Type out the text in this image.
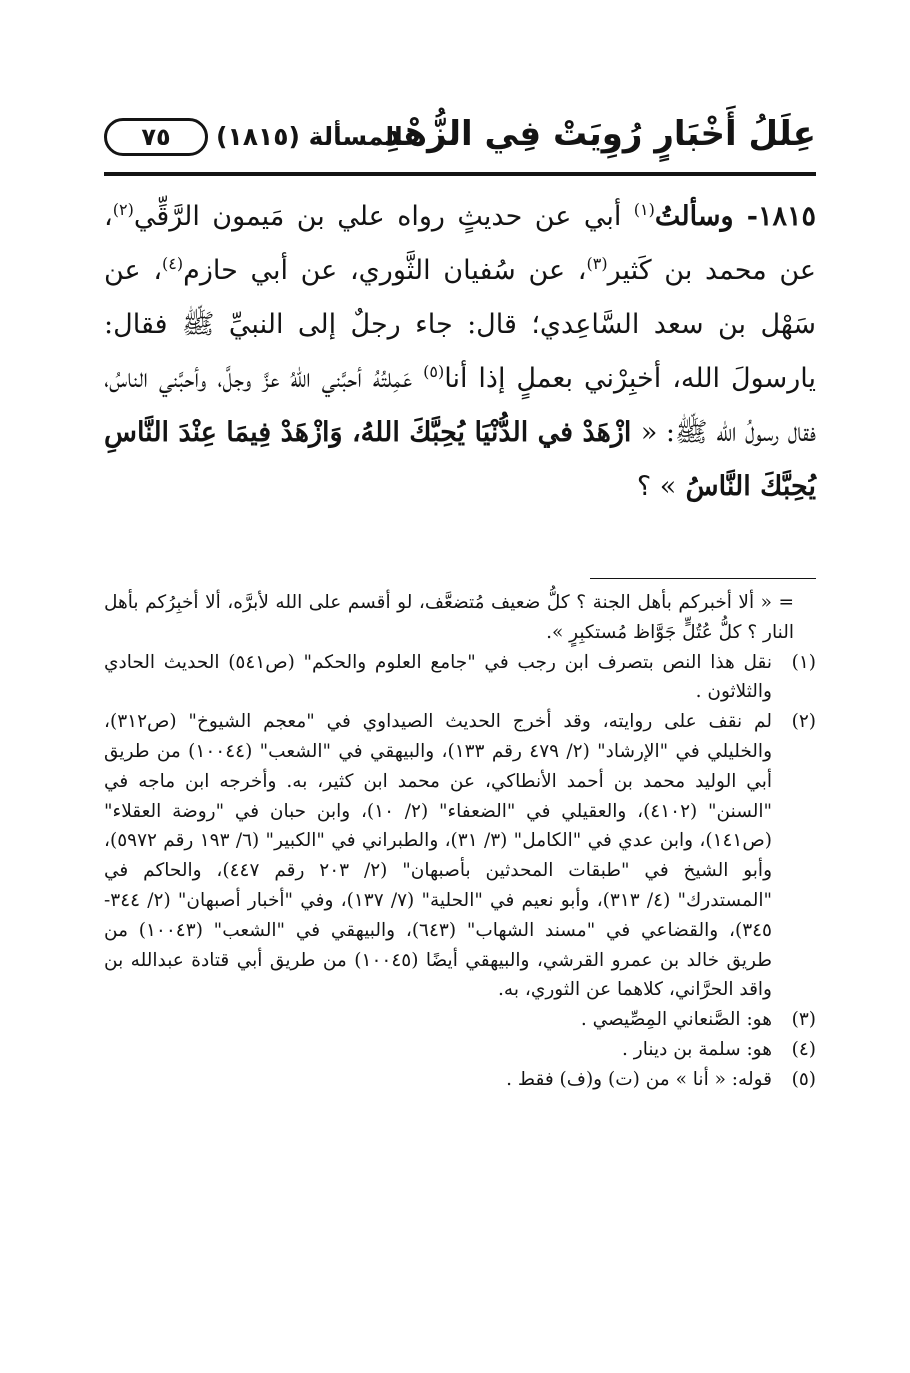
عِلَلُ أَخْبَارٍ رُوِيَتْ فِي الزُّهْدِ
المسألة (١٨١٥)
٧٥

١٨١٥- وسألتُ$^{(١)}$ أبي عن حديثٍ رواه علي بن مَيمون الرَّقِّي$^{(٢)}$، عن محمد بن كَثير$^{(٣)}$، عن سُفيان الثَّوري، عن أبي حازم$^{(٤)}$، عن سَهْل بن سعد السَّاعِدي؛ قال: جاء رجلٌ إلى النبيِّ ﷺ فقال: يارسولَ الله، أخبِرْني بعملٍ إذا أنا$^{(٥)}$ عَمِلتُهُ أحبَّني اللهُ عزَّ وجلَّ، وأحبَّني الناسُ، فقال رسولُ الله ﷺ: « ازْهَدْ في الدُّنْيَا يُحِبَّكَ اللهُ، وَازْهَدْ فِيمَا عِنْدَ النَّاسِ يُحِبَّكَ النَّاسُ » ؟

= « ألا أخبركم بأهل الجنة ؟ كلُّ ضعيف مُتضعَّف، لو أقسم على الله لأبرَّه، ألا أخبِرُكم بأهل النار ؟ كلُّ عُتُلٍّ جَوَّاظ مُستكبِرٍ ».
(١)
نقل هذا النص بتصرف ابن رجب في "جامع العلوم والحكم" (ص٥٤١) الحديث الحادي والثلاثون .
(٢)
لم نقف على روايته، وقد أخرج الحديث الصيداوي في "معجم الشيوخ" (ص٣١٢)، والخليلي في "الإرشاد" (٢/ ٤٧٩ رقم ١٣٣)، والبيهقي في "الشعب" (١٠٠٤٤) من طريق أبي الوليد محمد بن أحمد الأنطاكي، عن محمد ابن كثير، به. وأخرجه ابن ماجه في "السنن" (٤١٠٢)، والعقيلي في "الضعفاء" (٢/ ١٠)، وابن حبان في "روضة العقلاء" (ص١٤١)، وابن عدي في "الكامل" (٣/ ٣١)، والطبراني في "الكبير" (٦/ ١٩٣ رقم ٥٩٧٢)، وأبو الشيخ في "طبقات المحدثين بأصبهان" (٢/ ٢٠٣ رقم ٤٤٧)، والحاكم في "المستدرك" (٤/ ٣١٣)، وأبو نعيم في "الحلية" (٧/ ١٣٧)، وفي "أخبار أصبهان" (٢/ ٣٤٤- ٣٤٥)، والقضاعي في "مسند الشهاب" (٦٤٣)، والبيهقي في "الشعب" (١٠٠٤٣) من طريق خالد بن عمرو القرشي، والبيهقي أيضًا (١٠٠٤٥) من طريق أبي قتادة عبدالله بن واقد الحرَّاني، كلاهما عن الثوري، به.
(٣)
هو: الصَّنعاني المِصِّيصي .
(٤)
هو: سلمة بن دينار .
(٥)
قوله: « أنا » من (ت) و(ف) فقط .
